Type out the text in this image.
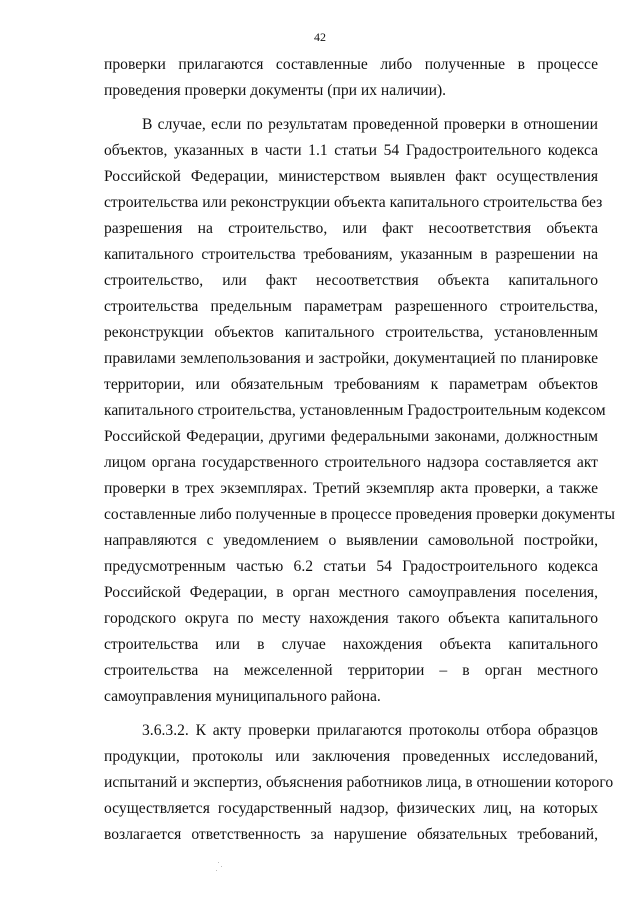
42
проверки прилагаются составленные либо полученные в процессе
проведения проверки документы (при их наличии).
В случае, если по результатам проведенной проверки в отношении
объектов, указанных в части 1.1 статьи 54 Градостроительного кодекса
Российской Федерации, министерством выявлен факт осуществления
строительства или реконструкции объекта капитального строительства без
разрешения на строительство, или факт несоответствия объекта
капитального строительства требованиям, указанным в разрешении на
строительство, или факт несоответствия объекта капитального
строительства предельным параметрам разрешенного строительства,
реконструкции объектов капитального строительства, установленным
правилами землепользования и застройки, документацией по планировке
территории, или обязательным требованиям к параметрам объектов
капитального строительства, установленным Градостроительным кодексом
Российской Федерации, другими федеральными законами, должностным
лицом органа государственного строительного надзора составляется акт
проверки в трех экземплярах. Третий экземпляр акта проверки, а также
составленные либо полученные в процессе проведения проверки документы
направляются с уведомлением о выявлении самовольной постройки,
предусмотренным частью 6.2 статьи 54 Градостроительного кодекса
Российской Федерации, в орган местного самоуправления поселения,
городского округа по месту нахождения такого объекта капитального
строительства или в случае нахождения объекта капитального
строительства на межселенной территории – в орган местного
самоуправления муниципального района.
3.6.3.2. К акту проверки прилагаются протоколы отбора образцов
продукции, протоколы или заключения проведенных исследований,
испытаний и экспертиз, объяснения работников лица, в отношении которого
осуществляется государственный надзор, физических лиц, на которых
возлагается ответственность за нарушение обязательных требований,
